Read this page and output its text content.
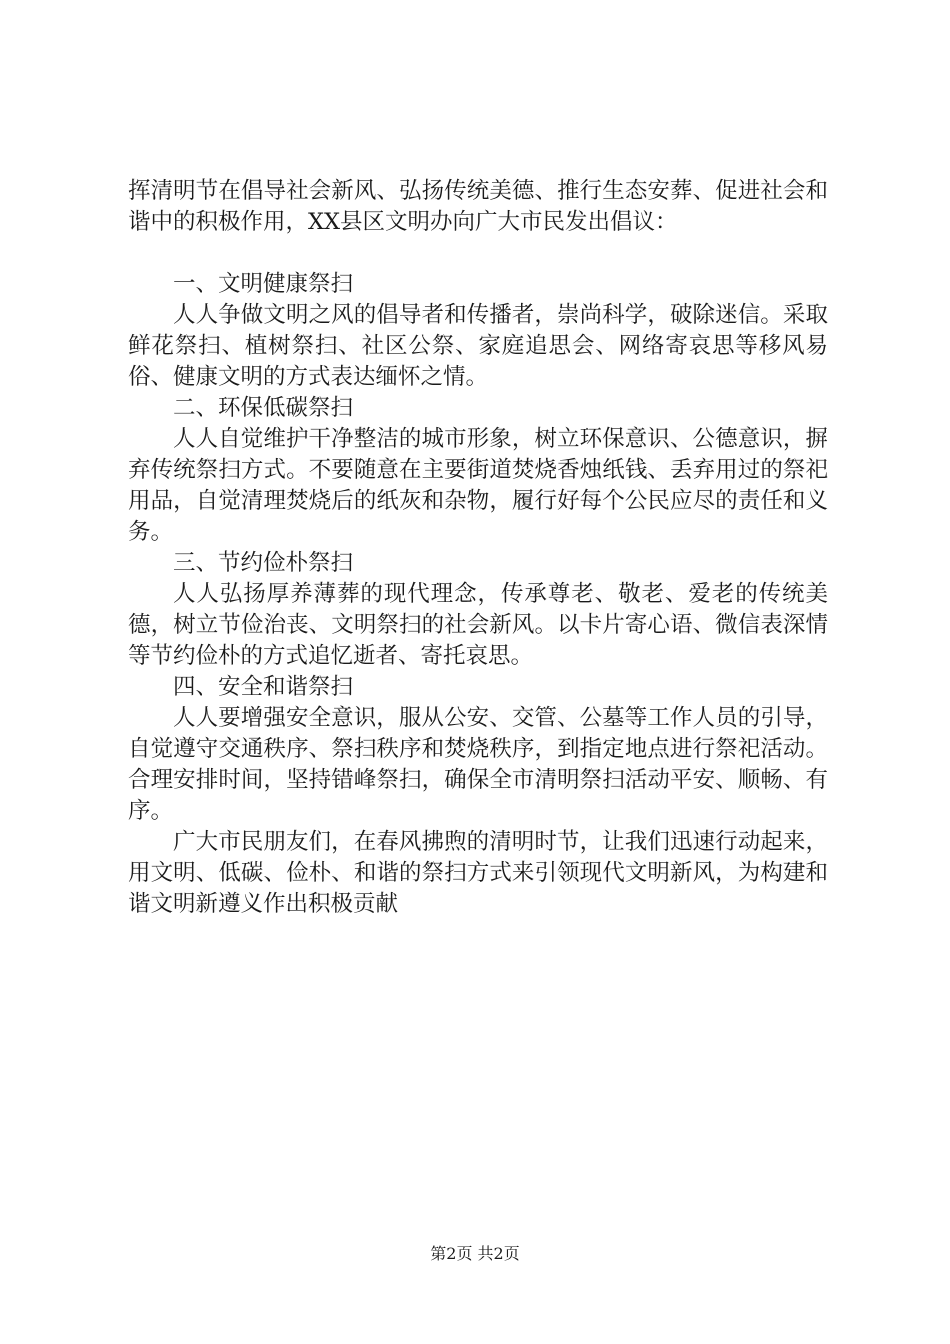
挥清明节在倡导社会新风、弘扬传统美德、推行生态安葬、促进社会和谐中的积极作用，XX县区文明办向广大市民发出倡议：

一、文明健康祭扫

人人争做文明之风的倡导者和传播者，崇尚科学，破除迷信。采取鲜花祭扫、植树祭扫、社区公祭、家庭追思会、网络寄哀思等移风易俗、健康文明的方式表达缅怀之情。

二、环保低碳祭扫

人人自觉维护干净整洁的城市形象，树立环保意识、公德意识，摒弃传统祭扫方式。不要随意在主要街道焚烧香烛纸钱、丢弃用过的祭祀用品，自觉清理焚烧后的纸灰和杂物，履行好每个公民应尽的责任和义务。

三、节约俭朴祭扫

人人弘扬厚养薄葬的现代理念，传承尊老、敬老、爱老的传统美德，树立节俭治丧、文明祭扫的社会新风。以卡片寄心语、微信表深情等节约俭朴的方式追忆逝者、寄托哀思。

四、安全和谐祭扫

人人要增强安全意识，服从公安、交管、公墓等工作人员的引导，自觉遵守交通秩序、祭扫秩序和焚烧秩序，到指定地点进行祭祀活动。合理安排时间，坚持错峰祭扫，确保全市清明祭扫活动平安、顺畅、有序。

广大市民朋友们，在春风拂煦的清明时节，让我们迅速行动起来，用文明、低碳、俭朴、和谐的祭扫方式来引领现代文明新风，为构建和谐文明新遵义作出积极贡献

第2页 共2页
